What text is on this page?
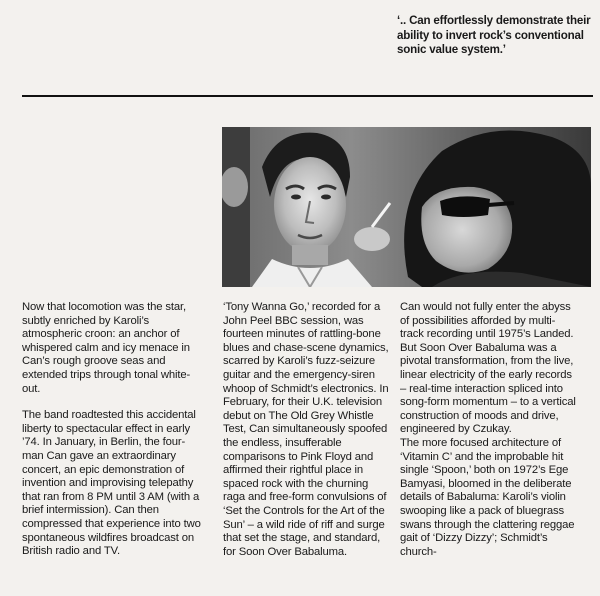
‘.. Can effortlessly demonstrate their ability to invert rock’s conventional sonic value system.’

Now that locomotion was the star, subtly enriched by Karoli’s atmospheric croon: an anchor of whispered calm and icy menace in Can’s rough groove seas and extended trips through tonal white-out.

The band roadtested this accidental liberty to spectacular effect in early ’74. In January, in Berlin, the four-man Can gave an extraordinary concert, an epic demonstration of invention and improvising telepathy that ran from 8 PM until 3 AM (with a brief intermission). Can then compressed that experience into two spontaneous wildfires broadcast on British radio and TV.

‘Tony Wanna Go,’ recorded for a John Peel BBC session, was fourteen minutes of rattling-bone blues and chase-scene dynamics, scarred by Karoli’s fuzz-seizure guitar and the emergency-siren whoop of Schmidt’s electronics. In February, for their U.K. television debut on The Old Grey Whistle Test, Can simultaneously spoofed the endless, insufferable comparisons to Pink Floyd and affirmed their rightful place in spaced rock with the churning raga and free-form convulsions of ‘Set the Controls for the Art of the Sun’ – a wild ride of riff and surge that set the stage, and standard, for Soon Over Babaluma.

Can would not fully enter the abyss of possibilities afforded by multi-track recording until 1975’s Landed. But Soon Over Babaluma was a pivotal transformation, from the live, linear electricity of the early records – real-time interaction spliced into song-form momentum – to a vertical construction of moods and drive, engineered by Czukay.

The more focused architecture of ‘Vitamin C’ and the improbable hit single ‘Spoon,’ both on 1972’s Ege Bamyasi, bloomed in the deliberate details of Babaluma: Karoli’s violin swooping like a pack of bluegrass swans through the clattering reggae gait of ‘Dizzy Dizzy’; Schmidt’s church-
